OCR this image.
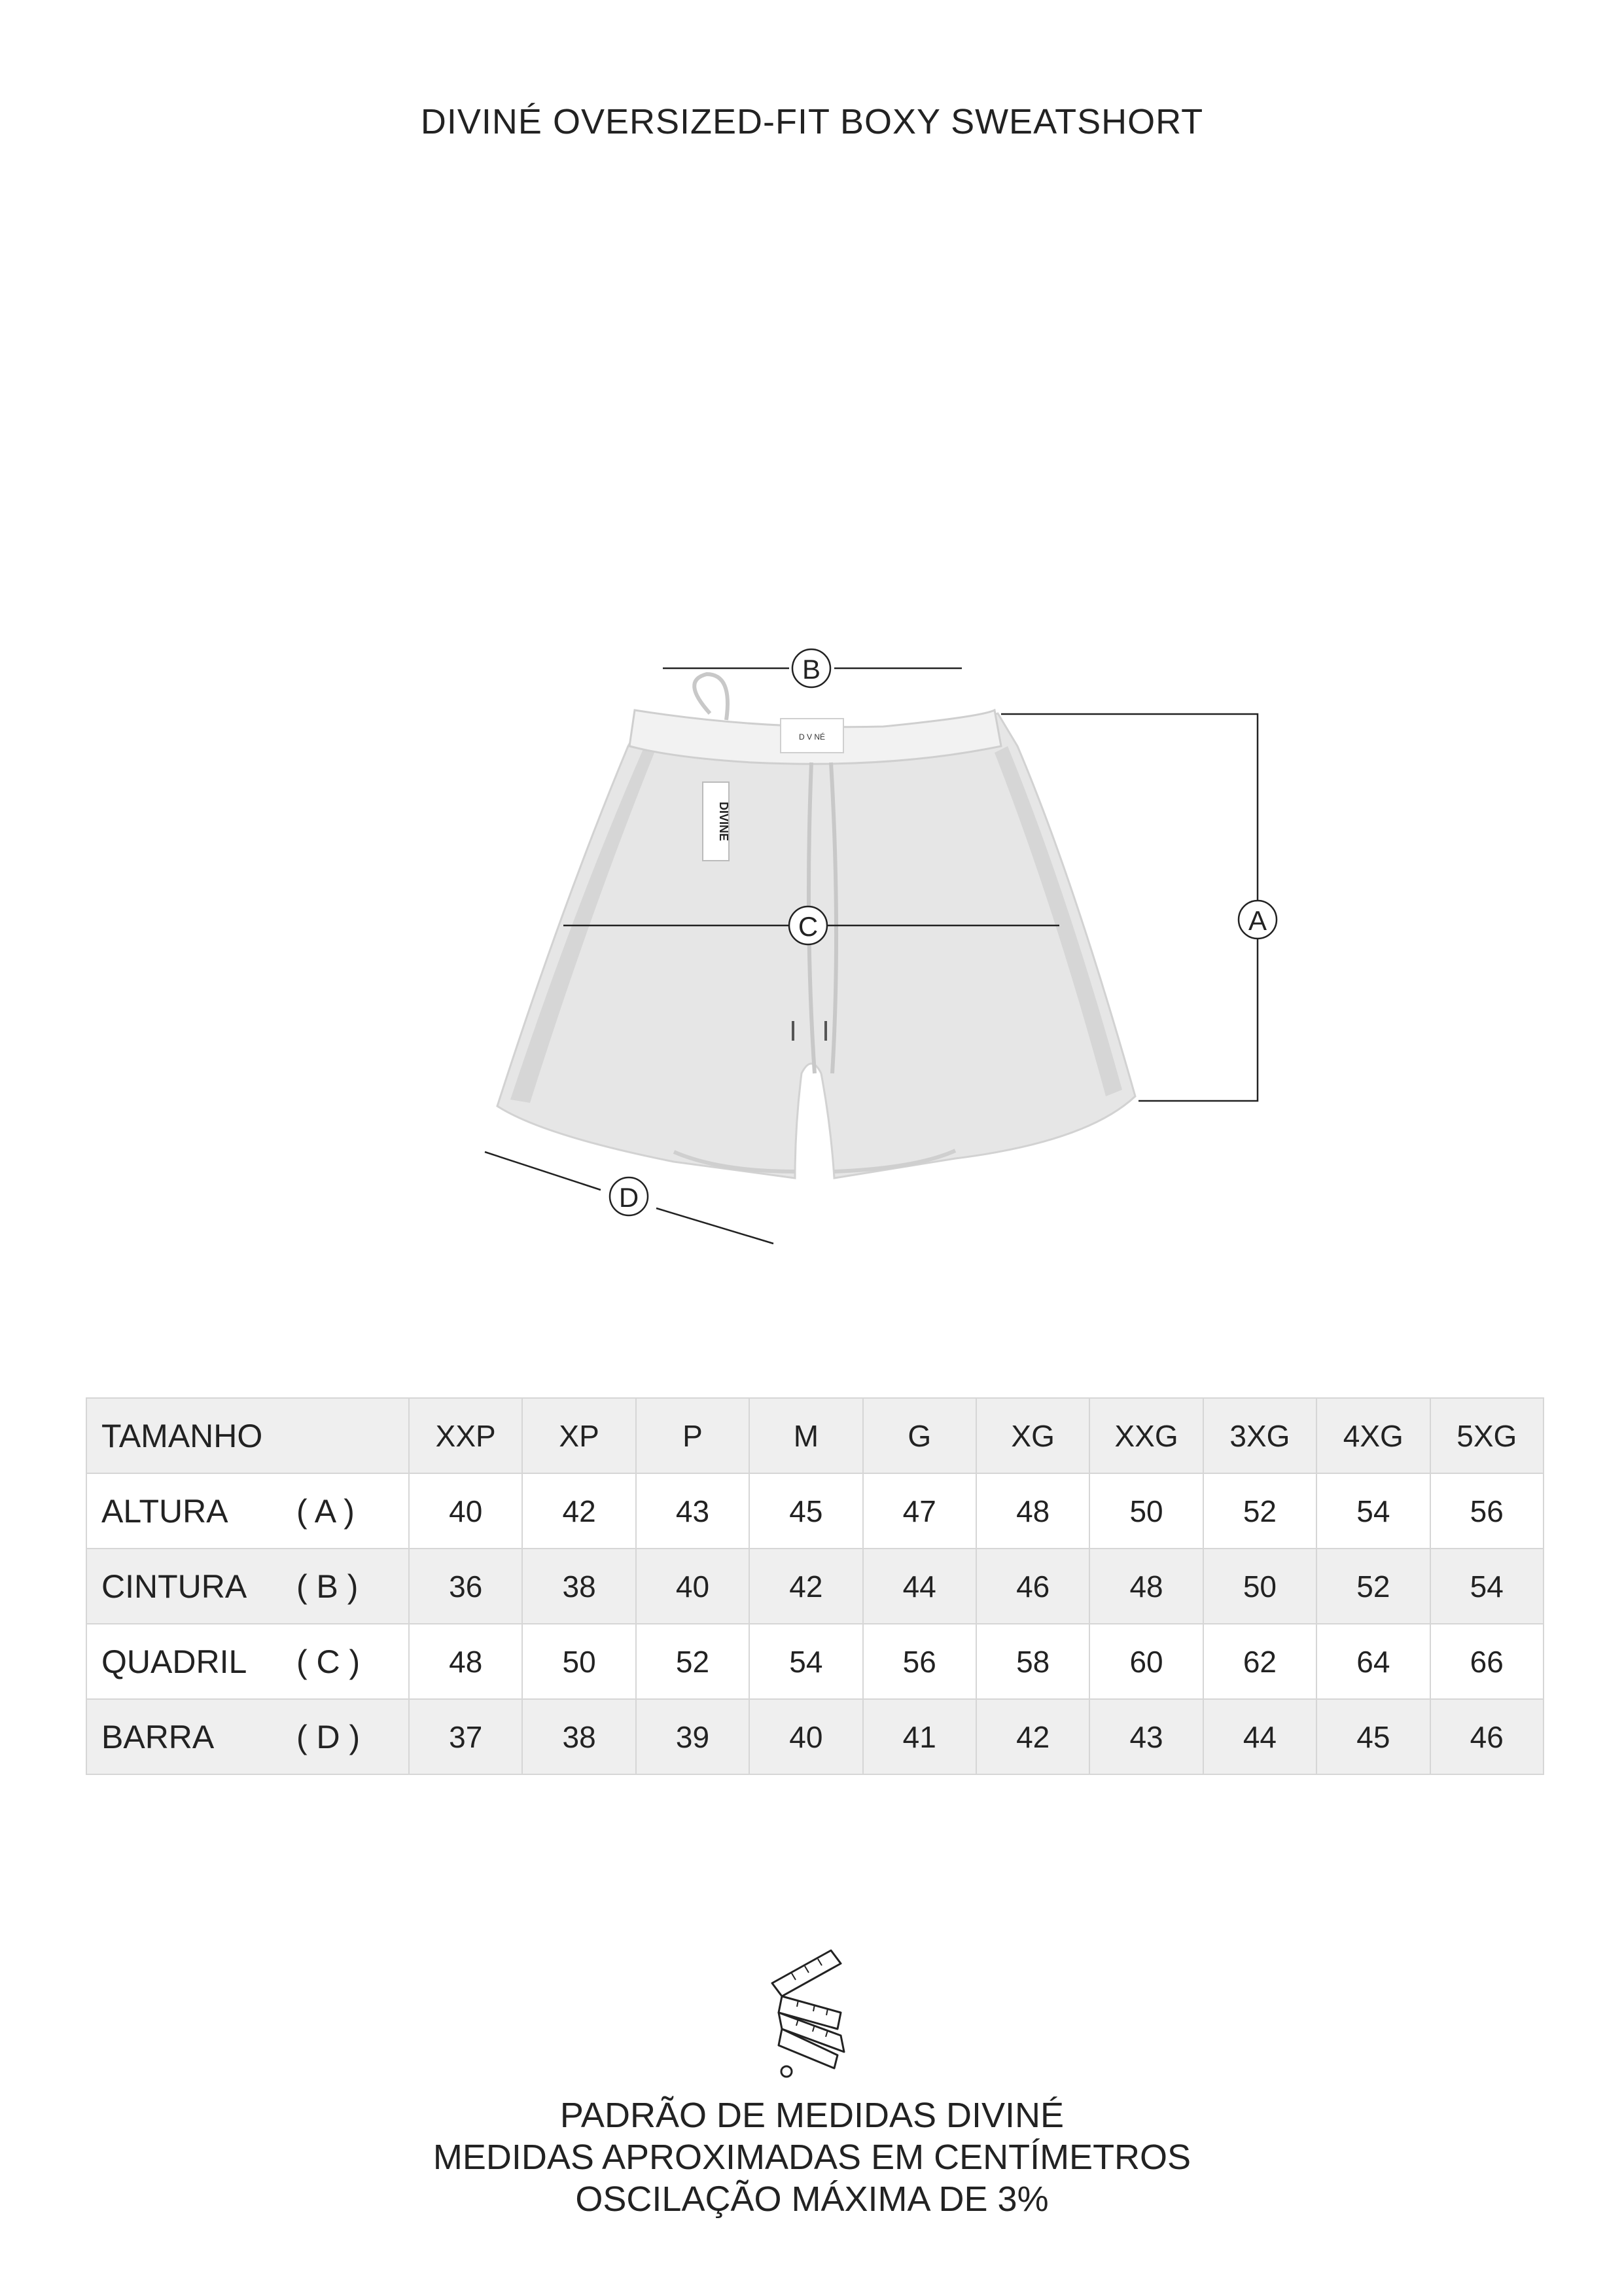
DIVINÉ OVERSIZED-FIT BOXY SWEATSHORT
DIVINE
D V NÉ
B
A
C
D
TAMANHO	XXP	XP	P	M	G	XG	XXG	3XG	4XG	5XG
ALTURA ( A )	40	42	43	45	47	48	50	52	54	56
CINTURA ( B )	36	38	40	42	44	46	48	50	52	54
QUADRIL ( C )	48	50	52	54	56	58	60	62	64	66
BARRA ( D )	37	38	39	40	41	42	43	44	45	46
PADRÃO DE MEDIDAS DIVINÉ
MEDIDAS APROXIMADAS EM CENTÍMETROS
OSCILAÇÃO MÁXIMA DE 3%
